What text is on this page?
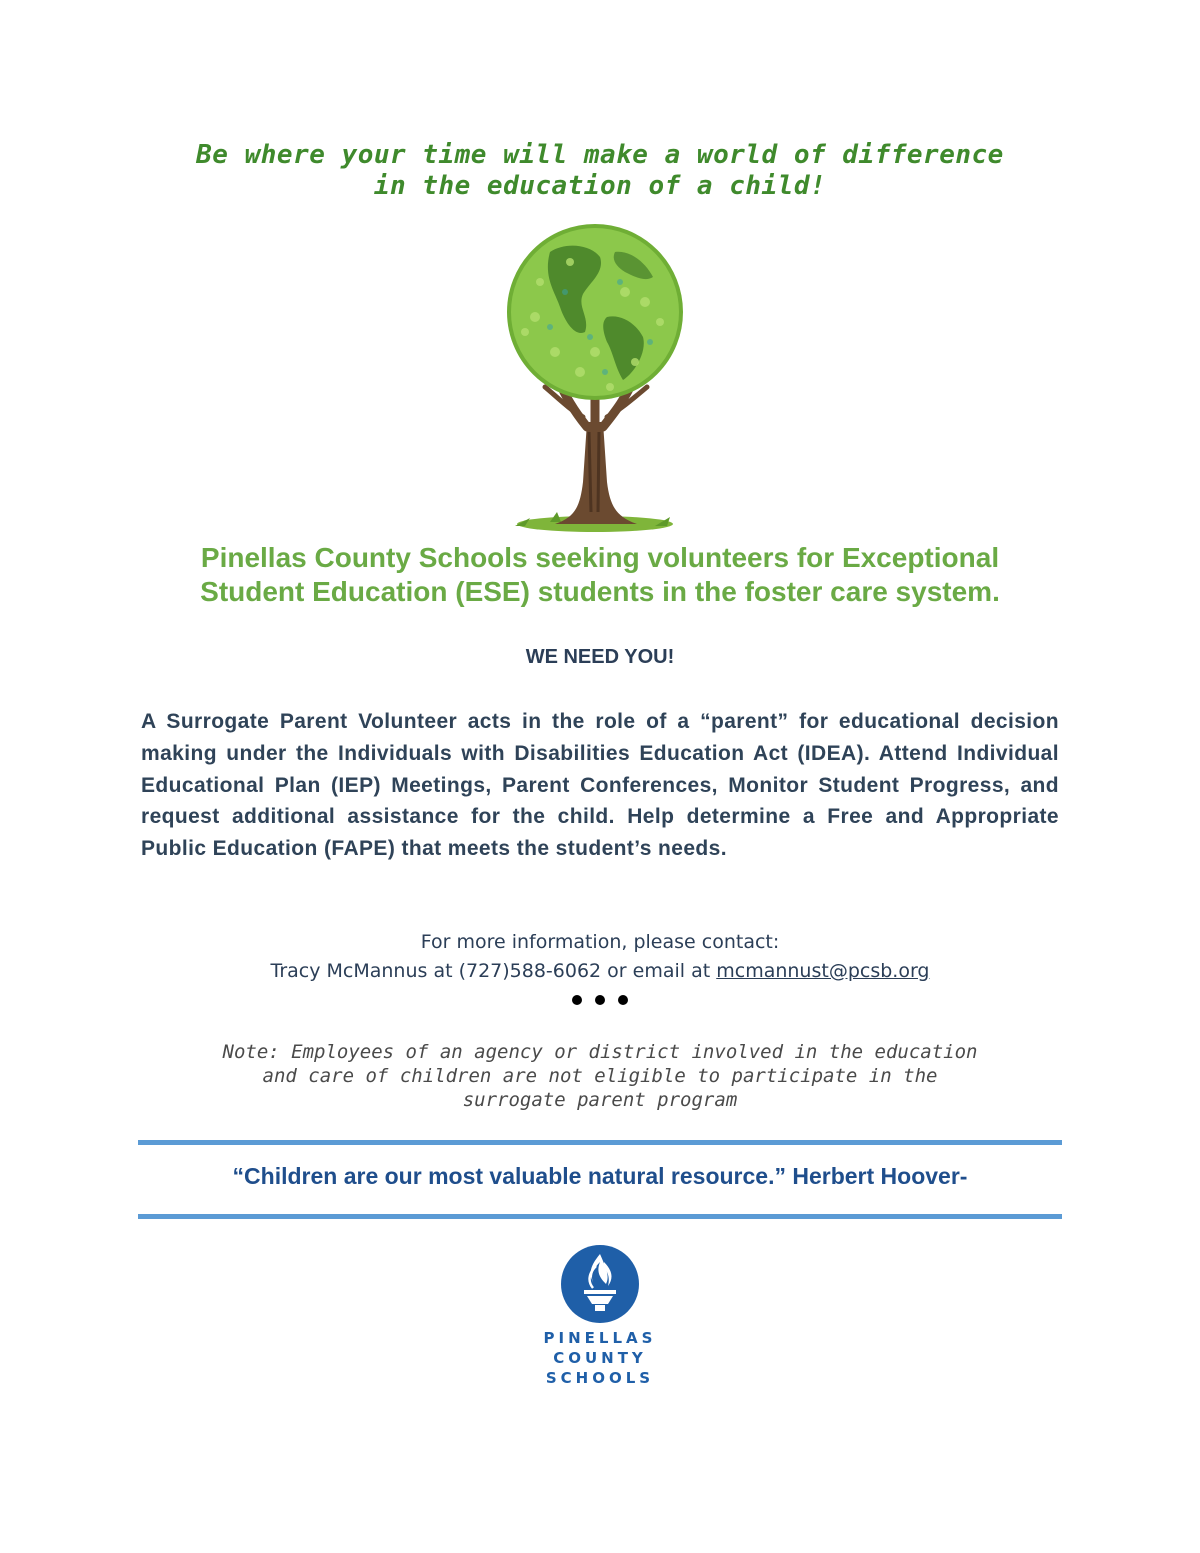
Be where your time will make a world of difference
in the education of a child!
Pinellas County Schools seeking volunteers for Exceptional
Student Education (ESE) students in the foster care system.
WE NEED YOU!
A Surrogate Parent Volunteer acts in the role of a “parent” for educational decision making under the Individuals with Disabilities Education Act (IDEA). Attend Individual Educational Plan (IEP) Meetings, Parent Conferences, Monitor Student Progress, and request additional assistance for the child. Help determine a Free and Appropriate Public Education (FAPE) that meets the student’s needs.
For more information, please contact:
Tracy McMannus at (727)588-6062 or email at mcmannust@pcsb.org
Note: Employees of an agency or district involved in the education
and care of children are not eligible to participate in the
surrogate parent program
“Children are our most valuable natural resource.” Herbert Hoover-
PINELLAS
COUNTY
SCHOOLS
